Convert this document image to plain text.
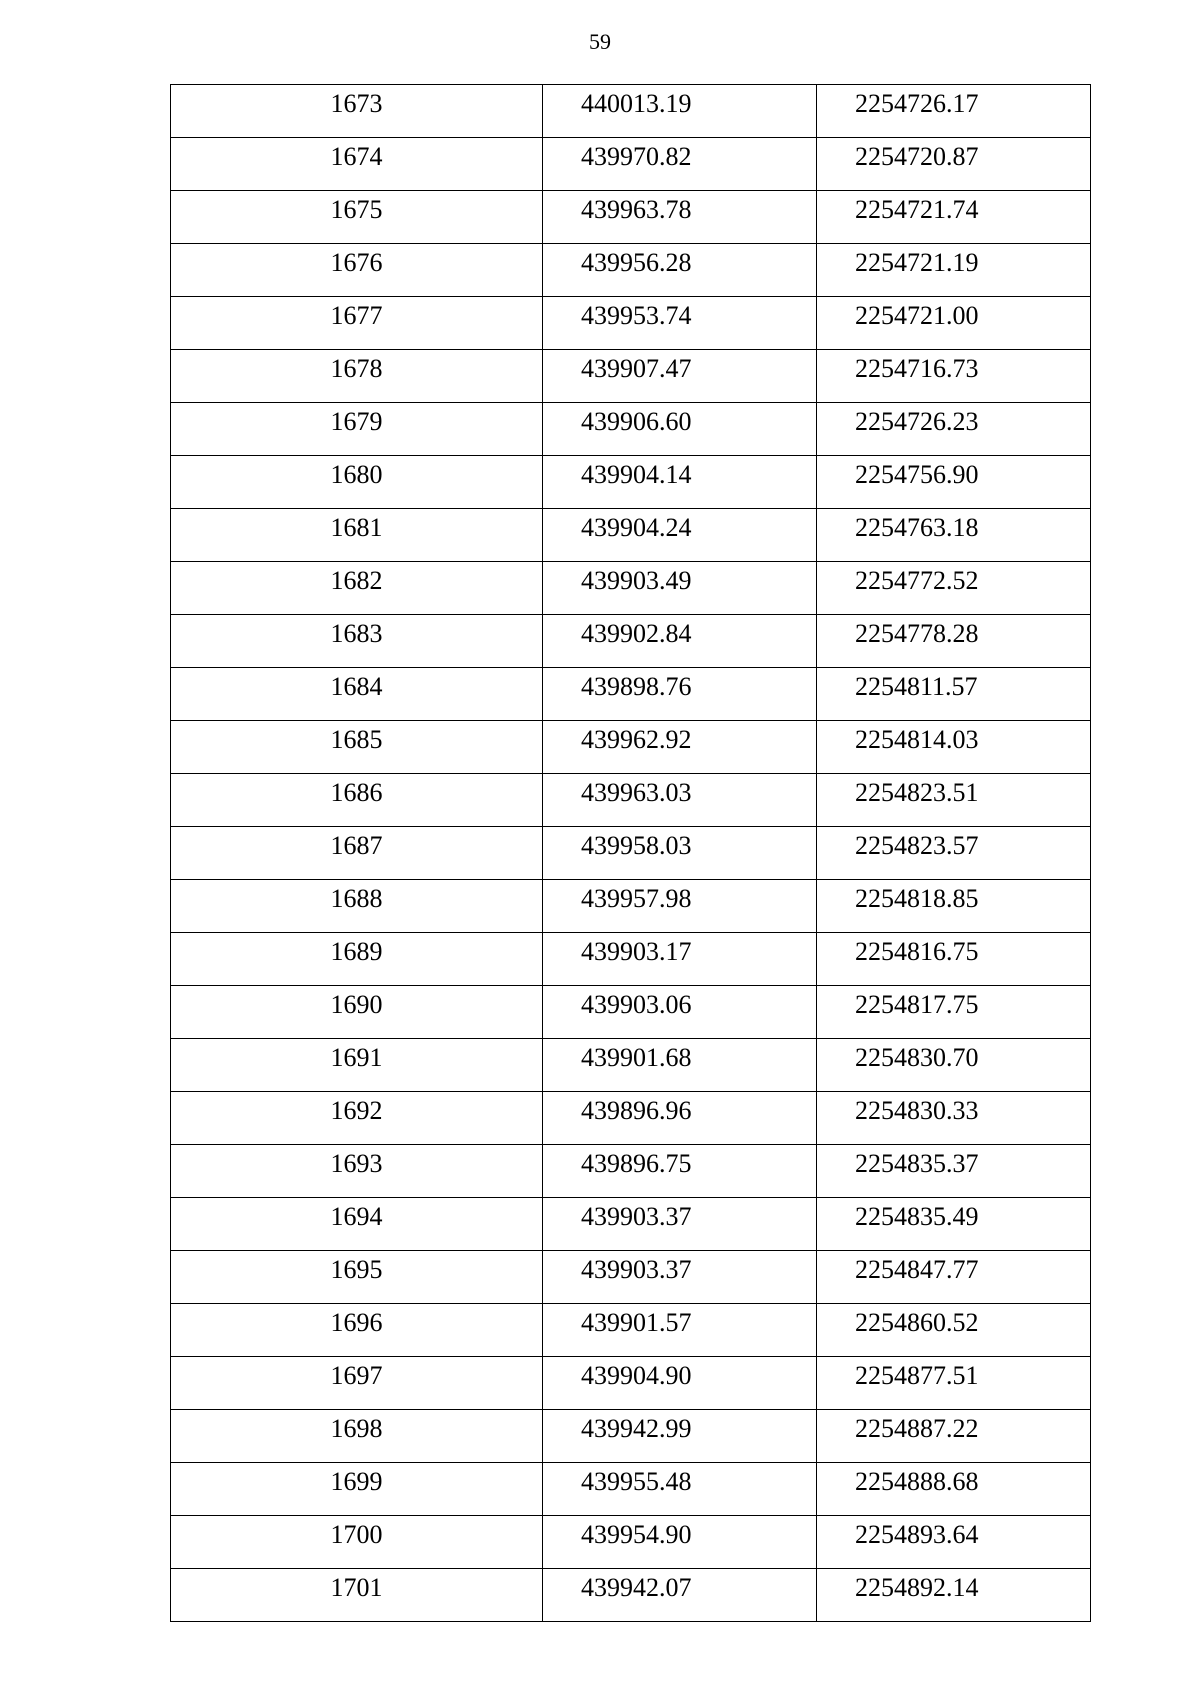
59
1673	440013.19	2254726.17
1674	439970.82	2254720.87
1675	439963.78	2254721.74
1676	439956.28	2254721.19
1677	439953.74	2254721.00
1678	439907.47	2254716.73
1679	439906.60	2254726.23
1680	439904.14	2254756.90
1681	439904.24	2254763.18
1682	439903.49	2254772.52
1683	439902.84	2254778.28
1684	439898.76	2254811.57
1685	439962.92	2254814.03
1686	439963.03	2254823.51
1687	439958.03	2254823.57
1688	439957.98	2254818.85
1689	439903.17	2254816.75
1690	439903.06	2254817.75
1691	439901.68	2254830.70
1692	439896.96	2254830.33
1693	439896.75	2254835.37
1694	439903.37	2254835.49
1695	439903.37	2254847.77
1696	439901.57	2254860.52
1697	439904.90	2254877.51
1698	439942.99	2254887.22
1699	439955.48	2254888.68
1700	439954.90	2254893.64
1701	439942.07	2254892.14
